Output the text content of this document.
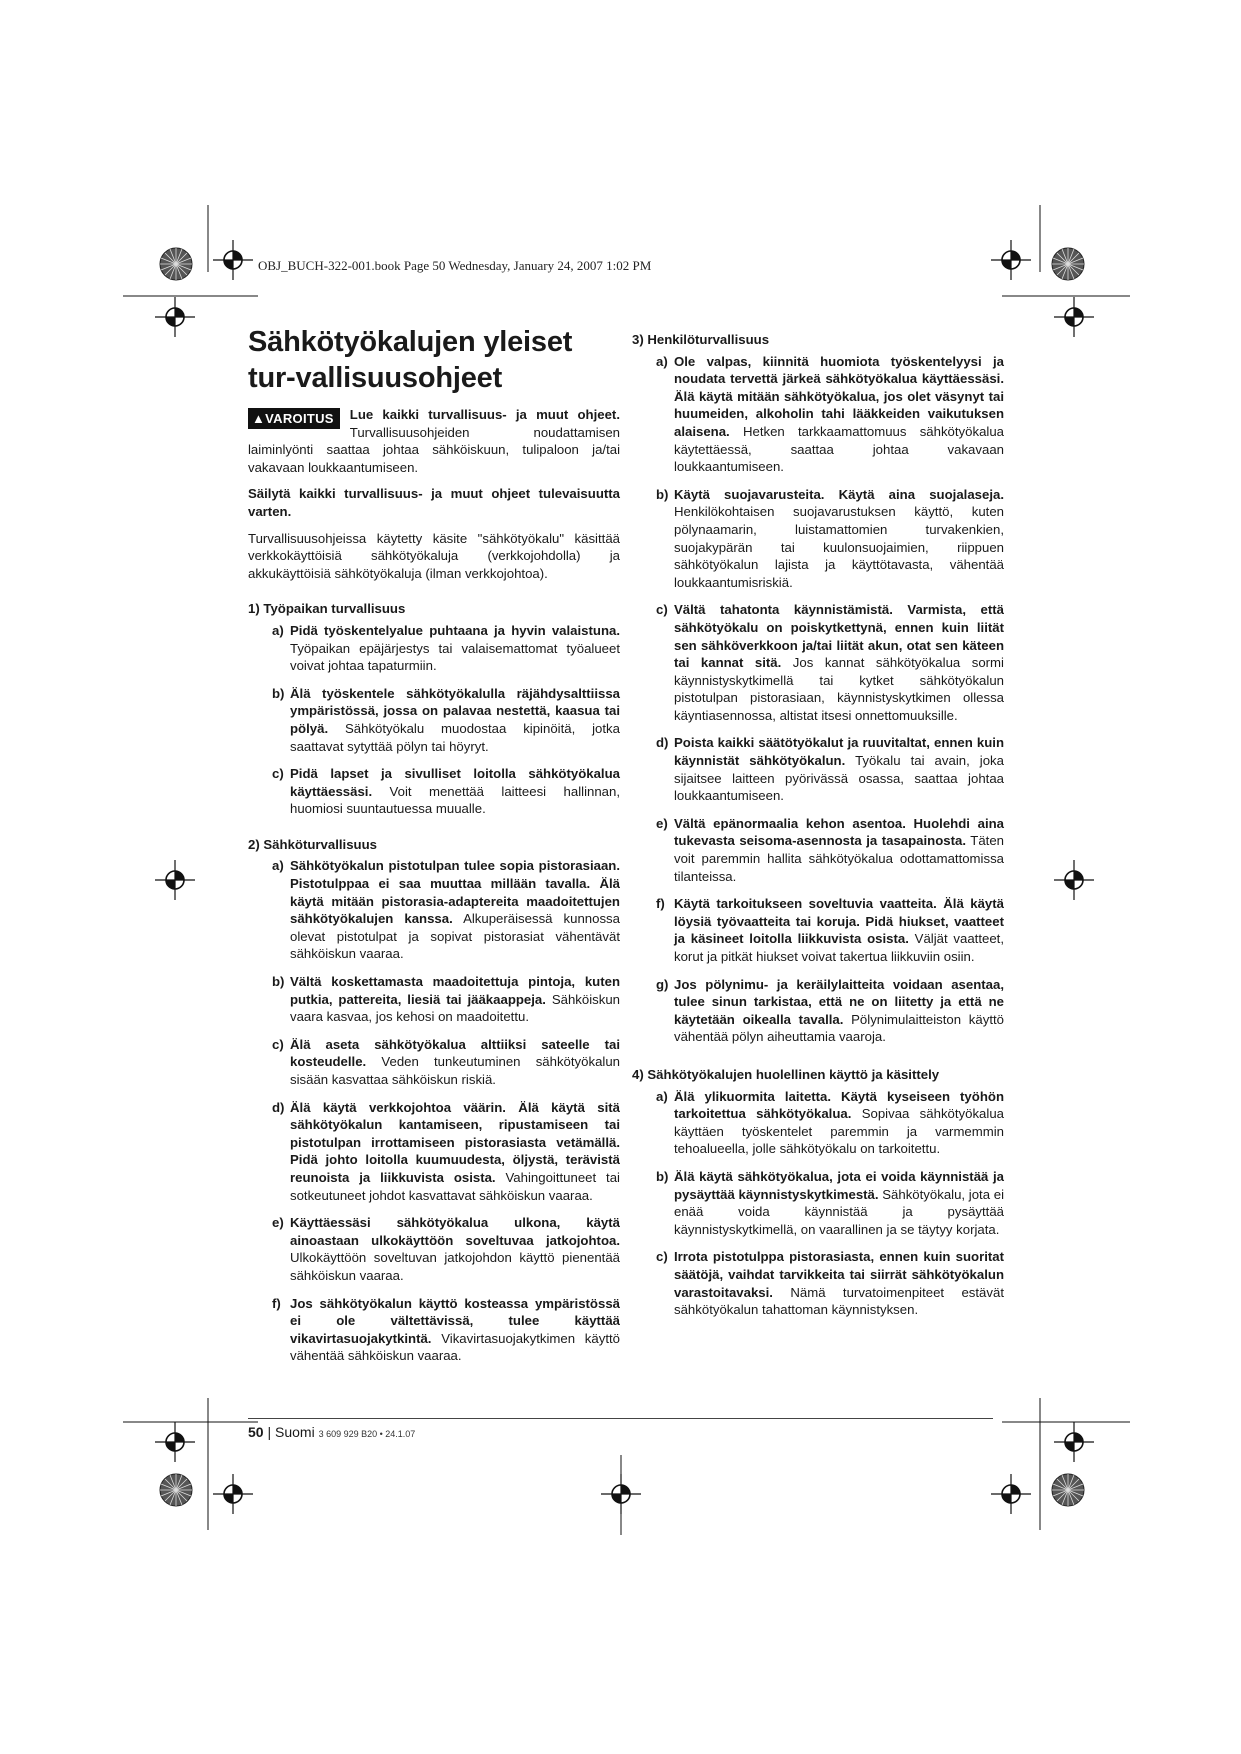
OBJ_BUCH-322-001.book Page 50 Wednesday, January 24, 2007 1:02 PM
Sähkötyökalujen yleiset tur-vallisuusohjeet
▲VAROITUS	Lue kaikki turvallisuus- ja muut ohjeet. Turvallisuusohjeiden noudattamisen laiminlyönti saattaa johtaa sähköiskuun, tulipaloon ja/tai vakavaan loukkaantumiseen.
Säilytä kaikki turvallisuus- ja muut ohjeet tulevaisuutta varten.
Turvallisuusohjeissa käytetty käsite "sähkötyökalu" käsittää verkkokäyttöisiä sähkötyökaluja (verkkojohdolla) ja akkukäyttöisiä sähkötyökaluja (ilman verkkojohtoa).
1) Työpaikan turvallisuus
a) Pidä työskentelyalue puhtaana ja hyvin valaistuna. Työpaikan epäjärjestys tai valaisemattomat työalueet voivat johtaa tapaturmiin.
b) Älä työskentele sähkötyökalulla räjähdysalttiissa ympäristössä, jossa on palavaa nestettä, kaasua tai pölyä. Sähkötyökalu muodostaa kipinöitä, jotka saattavat sytyttää pölyn tai höyryt.
c) Pidä lapset ja sivulliset loitolla sähkötyökalua käyttäessäsi. Voit menettää laitteesi hallinnan, huomiosi suuntautuessa muualle.
2) Sähköturvallisuus
a) Sähkötyökalun pistotulpan tulee sopia pistorasiaan. Pistotulppaa ei saa muuttaa millään tavalla. Älä käytä mitään pistorasia-adaptereita maadoitettujen sähkötyökalujen kanssa. Alkuperäisessä kunnossa olevat pistotulpat ja sopivat pistorasiat vähentävät sähköiskun vaaraa.
b) Vältä koskettamasta maadoitettuja pintoja, kuten putkia, pattereita, liesiä tai jääkaappeja. Sähköiskun vaara kasvaa, jos kehosi on maadoitettu.
c) Älä aseta sähkötyökalua alttiiksi sateelle tai kosteudelle. Veden tunkeutuminen sähkötyökalun sisään kasvattaa sähköiskun riskiä.
d) Älä käytä verkkojohtoa väärin. Älä käytä sitä sähkötyökalun kantamiseen, ripustamiseen tai pistotulpan irrottamiseen pistorasiasta vetämällä. Pidä johto loitolla kuumuudesta, öljystä, terävistä reunoista ja liikkuvista osista. Vahingoittuneet tai sotkeutuneet johdot kasvattavat sähköiskun vaaraa.
e) Käyttäessäsi sähkötyökalua ulkona, käytä ainoastaan ulkokäyttöön soveltuvaa jatkojohtoa. Ulkokäyttöön soveltuvan jatkojohdon käyttö pienentää sähköiskun vaaraa.
f) Jos sähkötyökalun käyttö kosteassa ympäristössä ei ole vältettävissä, tulee käyttää vikavirtasuojakytkintä. Vikavirtasuojakytkimen käyttö vähentää sähköiskun vaaraa.
3) Henkilöturvallisuus
a) Ole valpas, kiinnitä huomiota työskentelyysi ja noudata tervettä järkeä sähkötyökalua käyttäessäsi. Älä käytä mitään sähkötyökalua, jos olet väsynyt tai huumeiden, alkoholin tahi lääkkeiden vaikutuksen alaisena. Hetken tarkkaamattomuus sähkötyökalua käytettäessä, saattaa johtaa vakavaan loukkaantumiseen.
b) Käytä suojavarusteita. Käytä aina suojalaseja. Henkilökohtaisen suojavarustuksen käyttö, kuten pölynaamarin, luistamattomien turvakenkien, suojakypärän tai kuulonsuojaimien, riippuen sähkötyökalun lajista ja käyttötavasta, vähentää loukkaantumisriskiä.
c) Vältä tahatonta käynnistämistä. Varmista, että sähkötyökalu on poiskytkettynä, ennen kuin liität sen sähköverkkoon ja/tai liität akun, otat sen käteen tai kannat sitä. Jos kannat sähkötyökalua sormi käynnistyskytkimellä tai kytket sähkötyökalun pistotulpan pistorasiaan, käynnistyskytkimen ollessa käyntiasennossa, altistat itsesi onnettomuuksille.
d) Poista kaikki säätötyökalut ja ruuvitaltat, ennen kuin käynnistät sähkötyökalun. Työkalu tai avain, joka sijaitsee laitteen pyörivässä osassa, saattaa johtaa loukkaantumiseen.
e) Vältä epänormaalia kehon asentoa. Huolehdi aina tukevasta seisoma-asennosta ja tasapainosta. Täten voit paremmin hallita sähkötyökalua odottamattomissa tilanteissa.
f) Käytä tarkoitukseen soveltuvia vaatteita. Älä käytä löysiä työvaatteita tai koruja. Pidä hiukset, vaatteet ja käsineet loitolla liikkuvista osista. Väljät vaatteet, korut ja pitkät hiukset voivat takertua liikkuviin osiin.
g) Jos pölynimu- ja keräilylaitteita voidaan asentaa, tulee sinun tarkistaa, että ne on liitetty ja että ne käytetään oikealla tavalla. Pölynimulaitteiston käyttö vähentää pölyn aiheuttamia vaaroja.
4) Sähkötyökalujen huolellinen käyttö ja käsittely
a) Älä ylikuormita laitetta. Käytä kyseiseen työhön tarkoitettua sähkötyökalua. Sopivaa sähkötyökalua käyttäen työskentelet paremmin ja varmemmin tehoalueella, jolle sähkötyökalu on tarkoitettu.
b) Älä käytä sähkötyökalua, jota ei voida käynnistää ja pysäyttää käynnistyskytkimestä. Sähkötyökalu, jota ei enää voida käynnistää ja pysäyttää käynnistyskytkimellä, on vaarallinen ja se täytyy korjata.
c) Irrota pistotulppa pistorasiasta, ennen kuin suoritat säätöjä, vaihdat tarvikkeita tai siirrät sähkötyökalun varastoitavaksi. Nämä turvatoimenpiteet estävät sähkötyökalun tahattoman käynnistyksen.
50 | Suomi 3 609 929 B20 • 24.1.07
